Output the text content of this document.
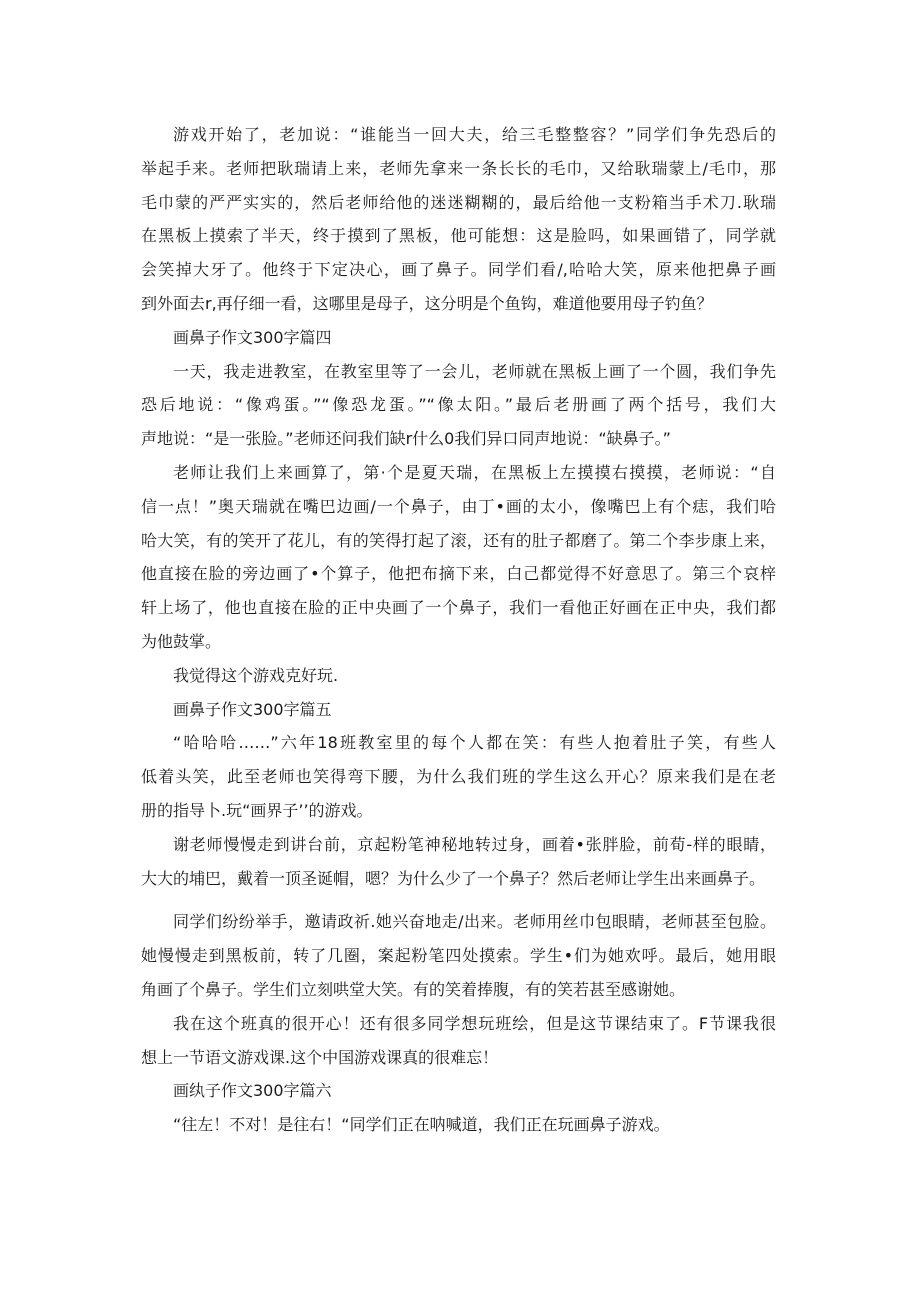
游戏开始了，老加说：“谁能当一回大夫，给三毛整整容？”同学们争先恐后的
举起手来。老师把耿瑞请上来，老师先拿来一条长长的毛巾，又给耿瑞蒙上/毛巾，那
毛巾蒙的严严实实的，然后老师给他的迷迷糊糊的，最后给他一支粉箱当手术刀.耿瑞
在黑板上摸索了半天，终于摸到了黑板，他可能想：这是脸吗，如果画错了，同学就
会笑掉大牙了。他终于下定决心，画了鼻子。同学们看/,哈哈大笑，原来他把鼻子画
到外面去r,再仔细一看，这哪里是母子，这分明是个鱼钩，难道他要用母子钓鱼？
画鼻子作文300字篇四
一天，我走进教室，在教室里等了一会儿，老师就在黑板上画了一个圆，我们争先
恐后地说：“像鸡蛋。”“像恐龙蛋。”“像太阳。”最后老册画了两个括号，我们大
声地说：“是一张脸。”老师还问我们缺r什么0我们异口同声地说：“缺鼻子。”
老师让我们上来画算了，第·个是夏天瑞，在黑板上左摸摸右摸摸，老师说：“自
信一点！”奥天瑞就在嘴巴边画/一个鼻子，由丁•画的太小，像嘴巴上有个痣，我们哈
哈大笑，有的笑开了花儿，有的笑得打起了滚，还有的肚子都磨了。第二个李步康上来，
他直接在脸的旁边画了•个算子，他把布摘下来，白己都觉得不好意思了。第三个哀梓
轩上场了，他也直接在脸的正中央画了一个鼻子，我们一看他正好画在正中央，我们都
为他鼓掌。
我觉得这个游戏克好玩.
画鼻子作文300字篇五
“哈哈哈……”六年18班教室里的每个人都在笑：有些人抱着肚子笑，有些人
低着头笑，此至老师也笑得弯下腰，为什么我们班的学生这么开心？原来我们是在老
册的指导卜.玩“画界子’’的游戏。
谢老师慢慢走到讲台前，京起粉笔神秘地转过身，画着•张胖脸，前荀-样的眼睛，
大大的埔巴，戴着一顶圣诞帽，嗯？为什么少了一个鼻子？然后老师让学生出来画鼻子。
同学们纷纷举手，邀请政祈.她兴奋地走/出来。老师用丝巾包眼睛，老师甚至包脸。
她慢慢走到黑板前，转了几圈，案起粉笔四处摸索。学生•们为她欢呼。最后，她用眼
角画了个鼻子。学生们立刻哄堂大笑。有的笑着捧腹，有的笑若甚至感谢她。
我在这个班真的很开心！还有很多同学想玩班绘，但是这节课结束了。F节课我很
想上一节语文游戏课.这个中国游戏课真的很难忘！
画纨子作文300字篇六
“往左！不对！是往右！“同学们正在呐喊道，我们正在玩画鼻子游戏。
